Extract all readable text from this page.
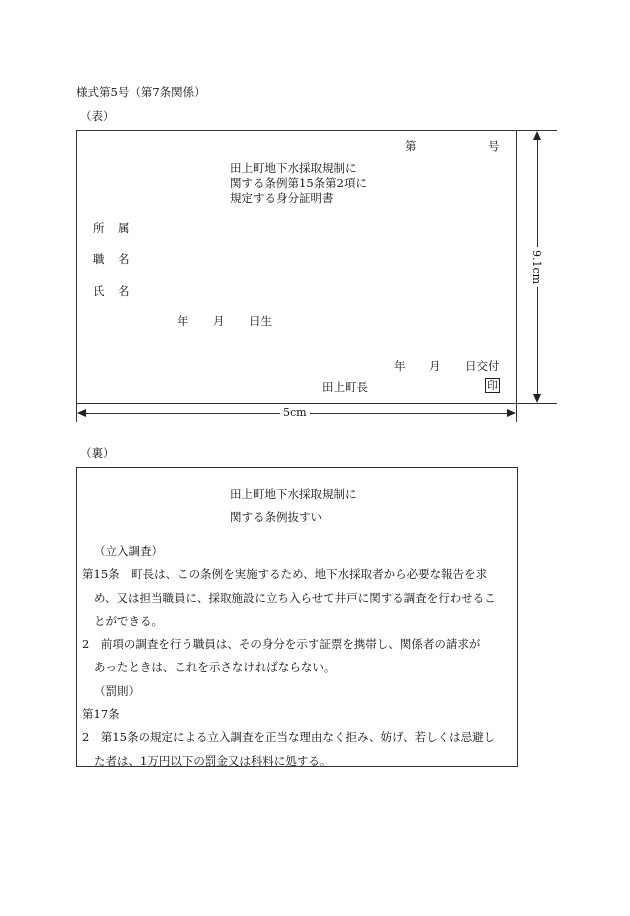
様式第5号（第7条関係）
（表）
第	号
田上町地下水採取規制に
関する条例第15条第2項に
規定する身分証明書
所 属
職 名
氏 名
年 月 日生
年 月 日交付
田上町長	印
5cm
9.1cm
（裏）
田上町地下水採取規制に
関する条例抜すい

（立入調査）

第15条　町長は、この条例を実施するため、地下水採取者から必要な報告を求

め、又は担当職員に、採取施設に立ち入らせて井戸に関する調査を行わせるこ

とができる。

2　前項の調査を行う職員は、その身分を示す証票を携帯し、関係者の請求が

あったときは、これを示さなければならない。

（罰則）

第17条

2　第15条の規定による立入調査を正当な理由なく拒み、妨げ、若しくは忌避し

た者は、1万円以下の罰金又は科料に処する。
